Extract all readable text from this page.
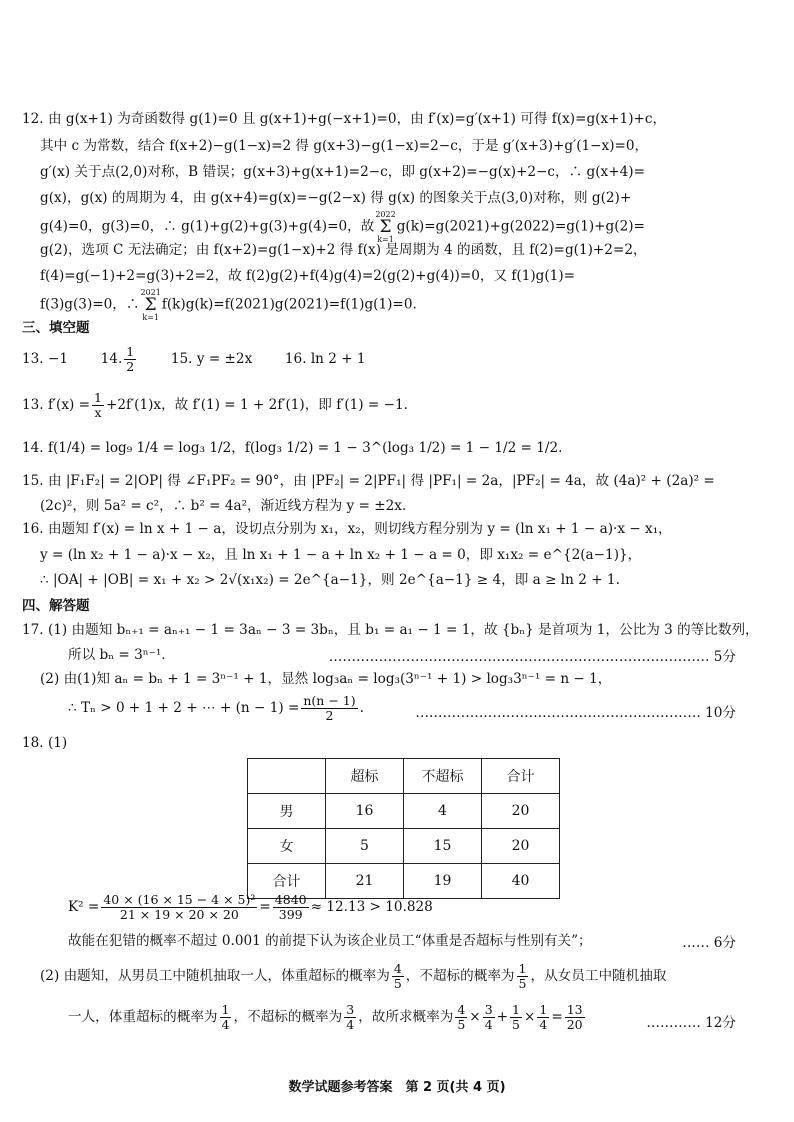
12. 由 g(x+1) 为奇函数得 g(1)=0 且 g(x+1)+g(−x+1)=0，由 f′(x)=g′(x+1) 可得 f(x)=g(x+1)+c，
其中 c 为常数，结合 f(x+2)−g(1−x)=2 得 g(x+3)−g(1−x)=2−c，于是 g′(x+3)+g′(1−x)=0，
g′(x) 关于点(2,0)对称，B 错误；g(x+3)+g(x+1)=2−c，即 g(x+2)=−g(x)+2−c，∴ g(x+4)=
g(x)，g(x) 的周期为 4，由 g(x+4)=g(x)=−g(2−x) 得 g(x) 的图象关于点(3,0)对称，则 g(2)+
g(4)=0，g(3)=0，∴ g(1)+g(2)+g(3)+g(4)=0，故
2022
Σ
k=1
g(k)=g(2021)+g(2022)=g(1)+g(2)=
g(2)，选项 C 无法确定；由 f(x+2)=g(1−x)+2 得 f(x) 是周期为 4 的函数，且 f(2)=g(1)+2=2，
f(4)=g(−1)+2=g(3)+2=2，故 f(2)g(2)+f(4)g(4)=2(g(2)+g(4))=0，又 f(1)g(1)=
f(3)g(3)=0，∴
2021
Σ
k=1
f(k)g(k)=f(2021)g(2021)=f(1)g(1)=0.
三、填空题
13. −1 14. $\frac{1}{2}$	15. y = ±2x 16. ln 2 + 1
13. $f'(x) = \frac{1}{x} +2f'(1)x$，故 f′(1) = 1 + 2f′(1)，即 f′(1) = −1.
14. f(1/4) = log₉ 1/4 = log₃ 1/2，f(log₃ 1/2) = 1 − 3^(log₃ 1/2) = 1 − 1/2 = 1/2.
15. 由 |F₁F₂| = 2|OP| 得 ∠F₁PF₂ = 90°，由 |PF₂| = 2|PF₁| 得 |PF₁| = 2a，|PF₂| = 4a，故 (4a)² + (2a)² =
(2c)²，则 5a² = c²，∴ b² = 4a²，渐近线方程为 y = ±2x.
16. 由题知 f′(x) = ln x + 1 − a，设切点分别为 x₁，x₂，则切线方程分别为 y = (ln x₁ + 1 − a)·x − x₁，
y = (ln x₂ + 1 − a)·x − x₂，且 ln x₁ + 1 − a + ln x₂ + 1 − a = 0，即 x₁x₂ = e^{2(a−1)}，
∴ |OA| + |OB| = x₁ + x₂ > 2√(x₁x₂) = 2e^{a−1}，则 2e^{a−1} ≥ 4，即 a ≥ ln 2 + 1.
四、解答题
17. (1) 由题知 bₙ₊₁ = aₙ₊₁ − 1 = 3aₙ − 3 = 3bₙ，且 b₁ = a₁ − 1 = 1，故 {bₙ} 是首项为 1，公比为 3 的等比数列，
所以 bₙ = 3ⁿ⁻¹.	………………………………………………………………………… 5分
(2) 由(1)知 aₙ = bₙ + 1 = 3ⁿ⁻¹ + 1，显然 log₃aₙ = log₃(3ⁿ⁻¹ + 1) > log₃3ⁿ⁻¹ = n − 1，
∴ Tₙ > 0 + 1 + 2 + ⋯ + $(n - 1) = \frac{n(n - 1)}{2}$ .	……………………………………………………… 10分
18. (1)
	超标	不超标	合计
男	16	4	20
女	5	15	20
合计	21	19	40
$K^2 = \frac{\text{40 × (16 × 15 − 4 × 5)²}}{21 \times 19 \times 20 \times 20} = \frac{4840}{399} \approx 12.13 > 10.828$
故能在犯错的概率不超过 0.001 的前提下认为该企业员工“体重是否超标与性别有关”；	…… 6分
(2) 由题知，从男员工中随机抽取一人，体重超标的概率为 $\frac{4}{5}$ ，不超标的概率为 $\frac{1}{5}$ ，从女员工中随机抽取
一人，体重超标的概率为 $\frac{1}{4}$ ，不超标的概率为 $\frac{3}{4}$ ，故所求概率为 $\frac{4}{5} \times \frac{3}{4} + \frac{1}{5} \times \frac{1}{4} = \frac{13}{20}$	………… 12分
数学试题参考答案　第 2 页(共 4 页)
